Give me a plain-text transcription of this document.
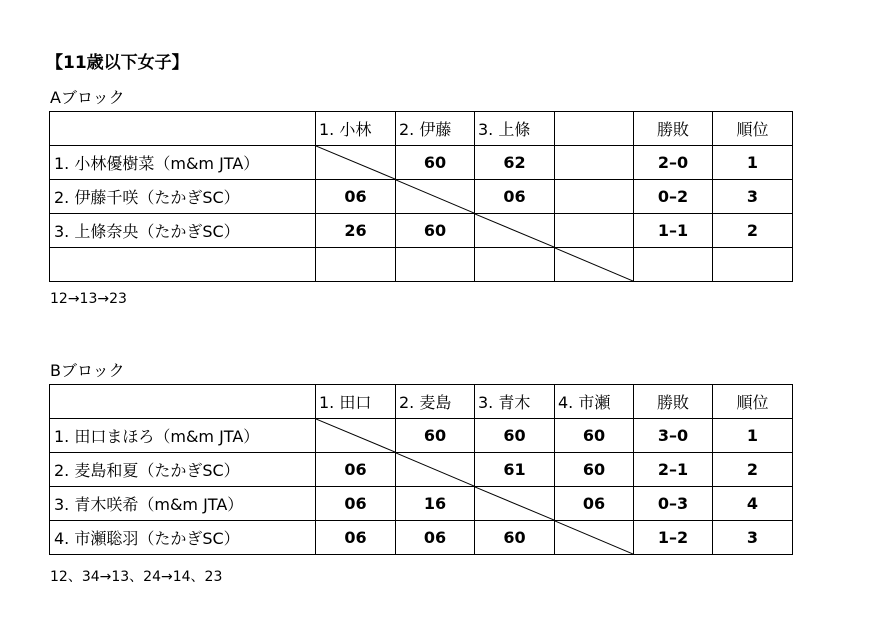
【11歳以下女子】
Aブロック
	1. 小林	2. 伊藤	3. 上條		勝敗	順位
1. 小林優樹菜（m&m JTA）		60	62		2–0	1
2. 伊藤千咲（たかぎSC）	06		06		0–2	3
3. 上條奈央（たかぎSC）	26	60			1–1	2

12→13→23
Bブロック
	1. 田口	2. 麦島	3. 青木	4. 市瀬	勝敗	順位
1. 田口まほろ（m&m JTA）		60	60	60	3–0	1
2. 麦島和夏（たかぎSC）	06		61	60	2–1	2
3. 青木咲希（m&m JTA）	06	16		06	0–3	4
4. 市瀬聡羽（たかぎSC）	06	06	60		1–2	3
12、34→13、24→14、23
